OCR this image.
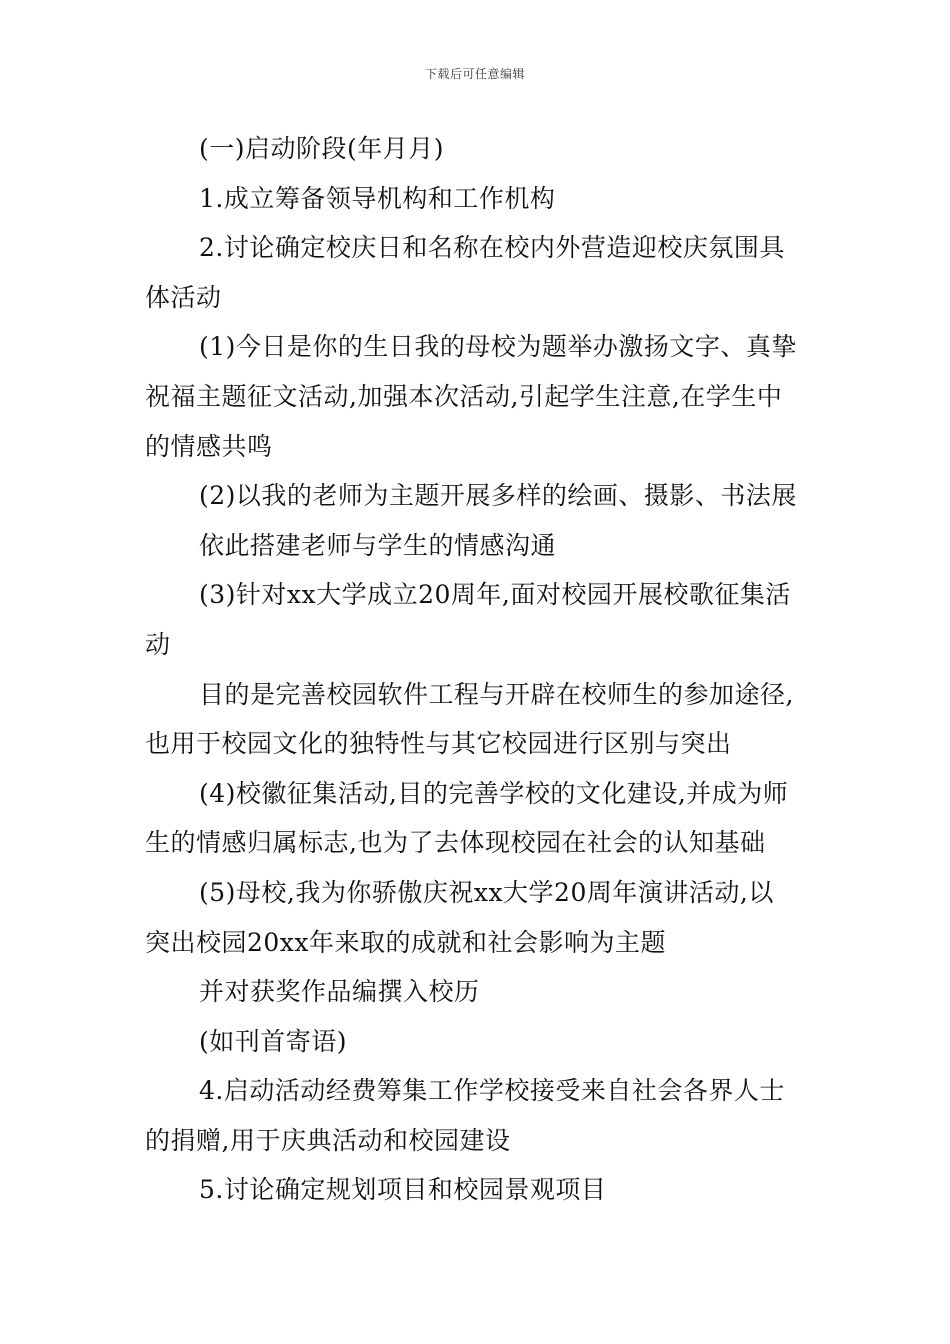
下载后可任意编辑
(一)启动阶段(年月月)
1.成立筹备领导机构和工作机构
2.讨论确定校庆日和名称在校内外营造迎校庆氛围具
体活动
(1)今日是你的生日我的母校为题举办激扬文字、真挚
祝福主题征文活动,加强本次活动,引起学生注意,在学生中
的情感共鸣
(2)以我的老师为主题开展多样的绘画、摄影、书法展
依此搭建老师与学生的情感沟通
(3)针对xx大学成立20周年,面对校园开展校歌征集活
动
目的是完善校园软件工程与开辟在校师生的参加途径,
也用于校园文化的独特性与其它校园进行区别与突出
(4)校徽征集活动,目的完善学校的文化建设,并成为师
生的情感归属标志,也为了去体现校园在社会的认知基础
(5)母校,我为你骄傲庆祝xx大学20周年演讲活动,以
突出校园20xx年来取的成就和社会影响为主题
并对获奖作品编撰入校历
(如刊首寄语)
4.启动活动经费筹集工作学校接受来自社会各界人士
的捐赠,用于庆典活动和校园建设
5.讨论确定规划项目和校园景观项目
